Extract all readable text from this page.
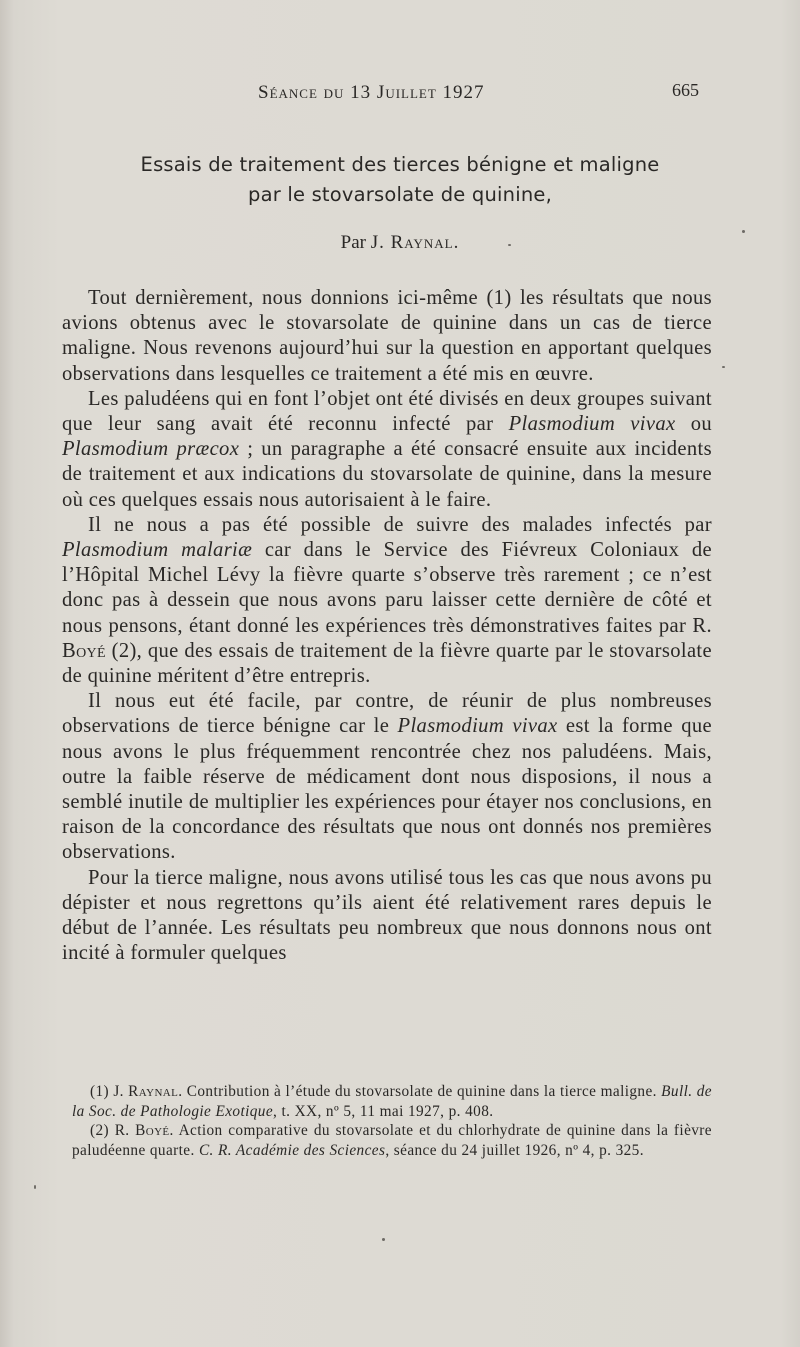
Séance du 13 Juillet 1927	665
Essais de traitement des tierces bénigne et maligne
par le stovarsolate de quinine,
Par J. Raynal.

Tout dernièrement, nous donnions ici-même (1) les résultats que nous avions obtenus avec le stovarsolate de quinine dans un cas de tierce maligne. Nous revenons aujourd’hui sur la question en apportant quelques observations dans lesquelles ce traitement a été mis en œuvre.

Les paludéens qui en font l’objet ont été divisés en deux groupes suivant que leur sang avait été reconnu infecté par Plasmodium vivax ou Plasmodium præcox ; un paragraphe a été consacré ensuite aux incidents de traitement et aux indications du stovarsolate de quinine, dans la mesure où ces quelques essais nous autorisaient à le faire.

Il ne nous a pas été possible de suivre des malades infectés par Plasmodium malariæ car dans le Service des Fiévreux Coloniaux de l’Hôpital Michel Lévy la fièvre quarte s’observe très rarement ; ce n’est donc pas à dessein que nous avons paru laisser cette dernière de côté et nous pensons, étant donné les expériences très démonstratives faites par R. Boyé (2), que des essais de traitement de la fièvre quarte par le stovarsolate de quinine méritent d’être entrepris.

Il nous eut été facile, par contre, de réunir de plus nombreuses observations de tierce bénigne car le Plasmodium vivax est la forme que nous avons le plus fréquemment rencontrée chez nos paludéens. Mais, outre la faible réserve de médicament dont nous disposions, il nous a semblé inutile de multiplier les expériences pour étayer nos conclusions, en raison de la concordance des résultats que nous ont donnés nos premières observations.

Pour la tierce maligne, nous avons utilisé tous les cas que nous avons pu dépister et nous regrettons qu’ils aient été relativement rares depuis le début de l’année. Les résultats peu nombreux que nous donnons nous ont incité à formuler quelques

(1) J. Raynal. Contribution à l’étude du stovarsolate de quinine dans la tierce maligne. Bull. de la Soc. de Pathologie Exotique, t. XX, nº 5, 11 mai 1927, p. 408.

(2) R. Boyé. Action comparative du stovarsolate et du chlorhydrate de quinine dans la fièvre paludéenne quarte. C. R. Académie des Sciences, séance du 24 juillet 1926, nº 4, p. 325.
